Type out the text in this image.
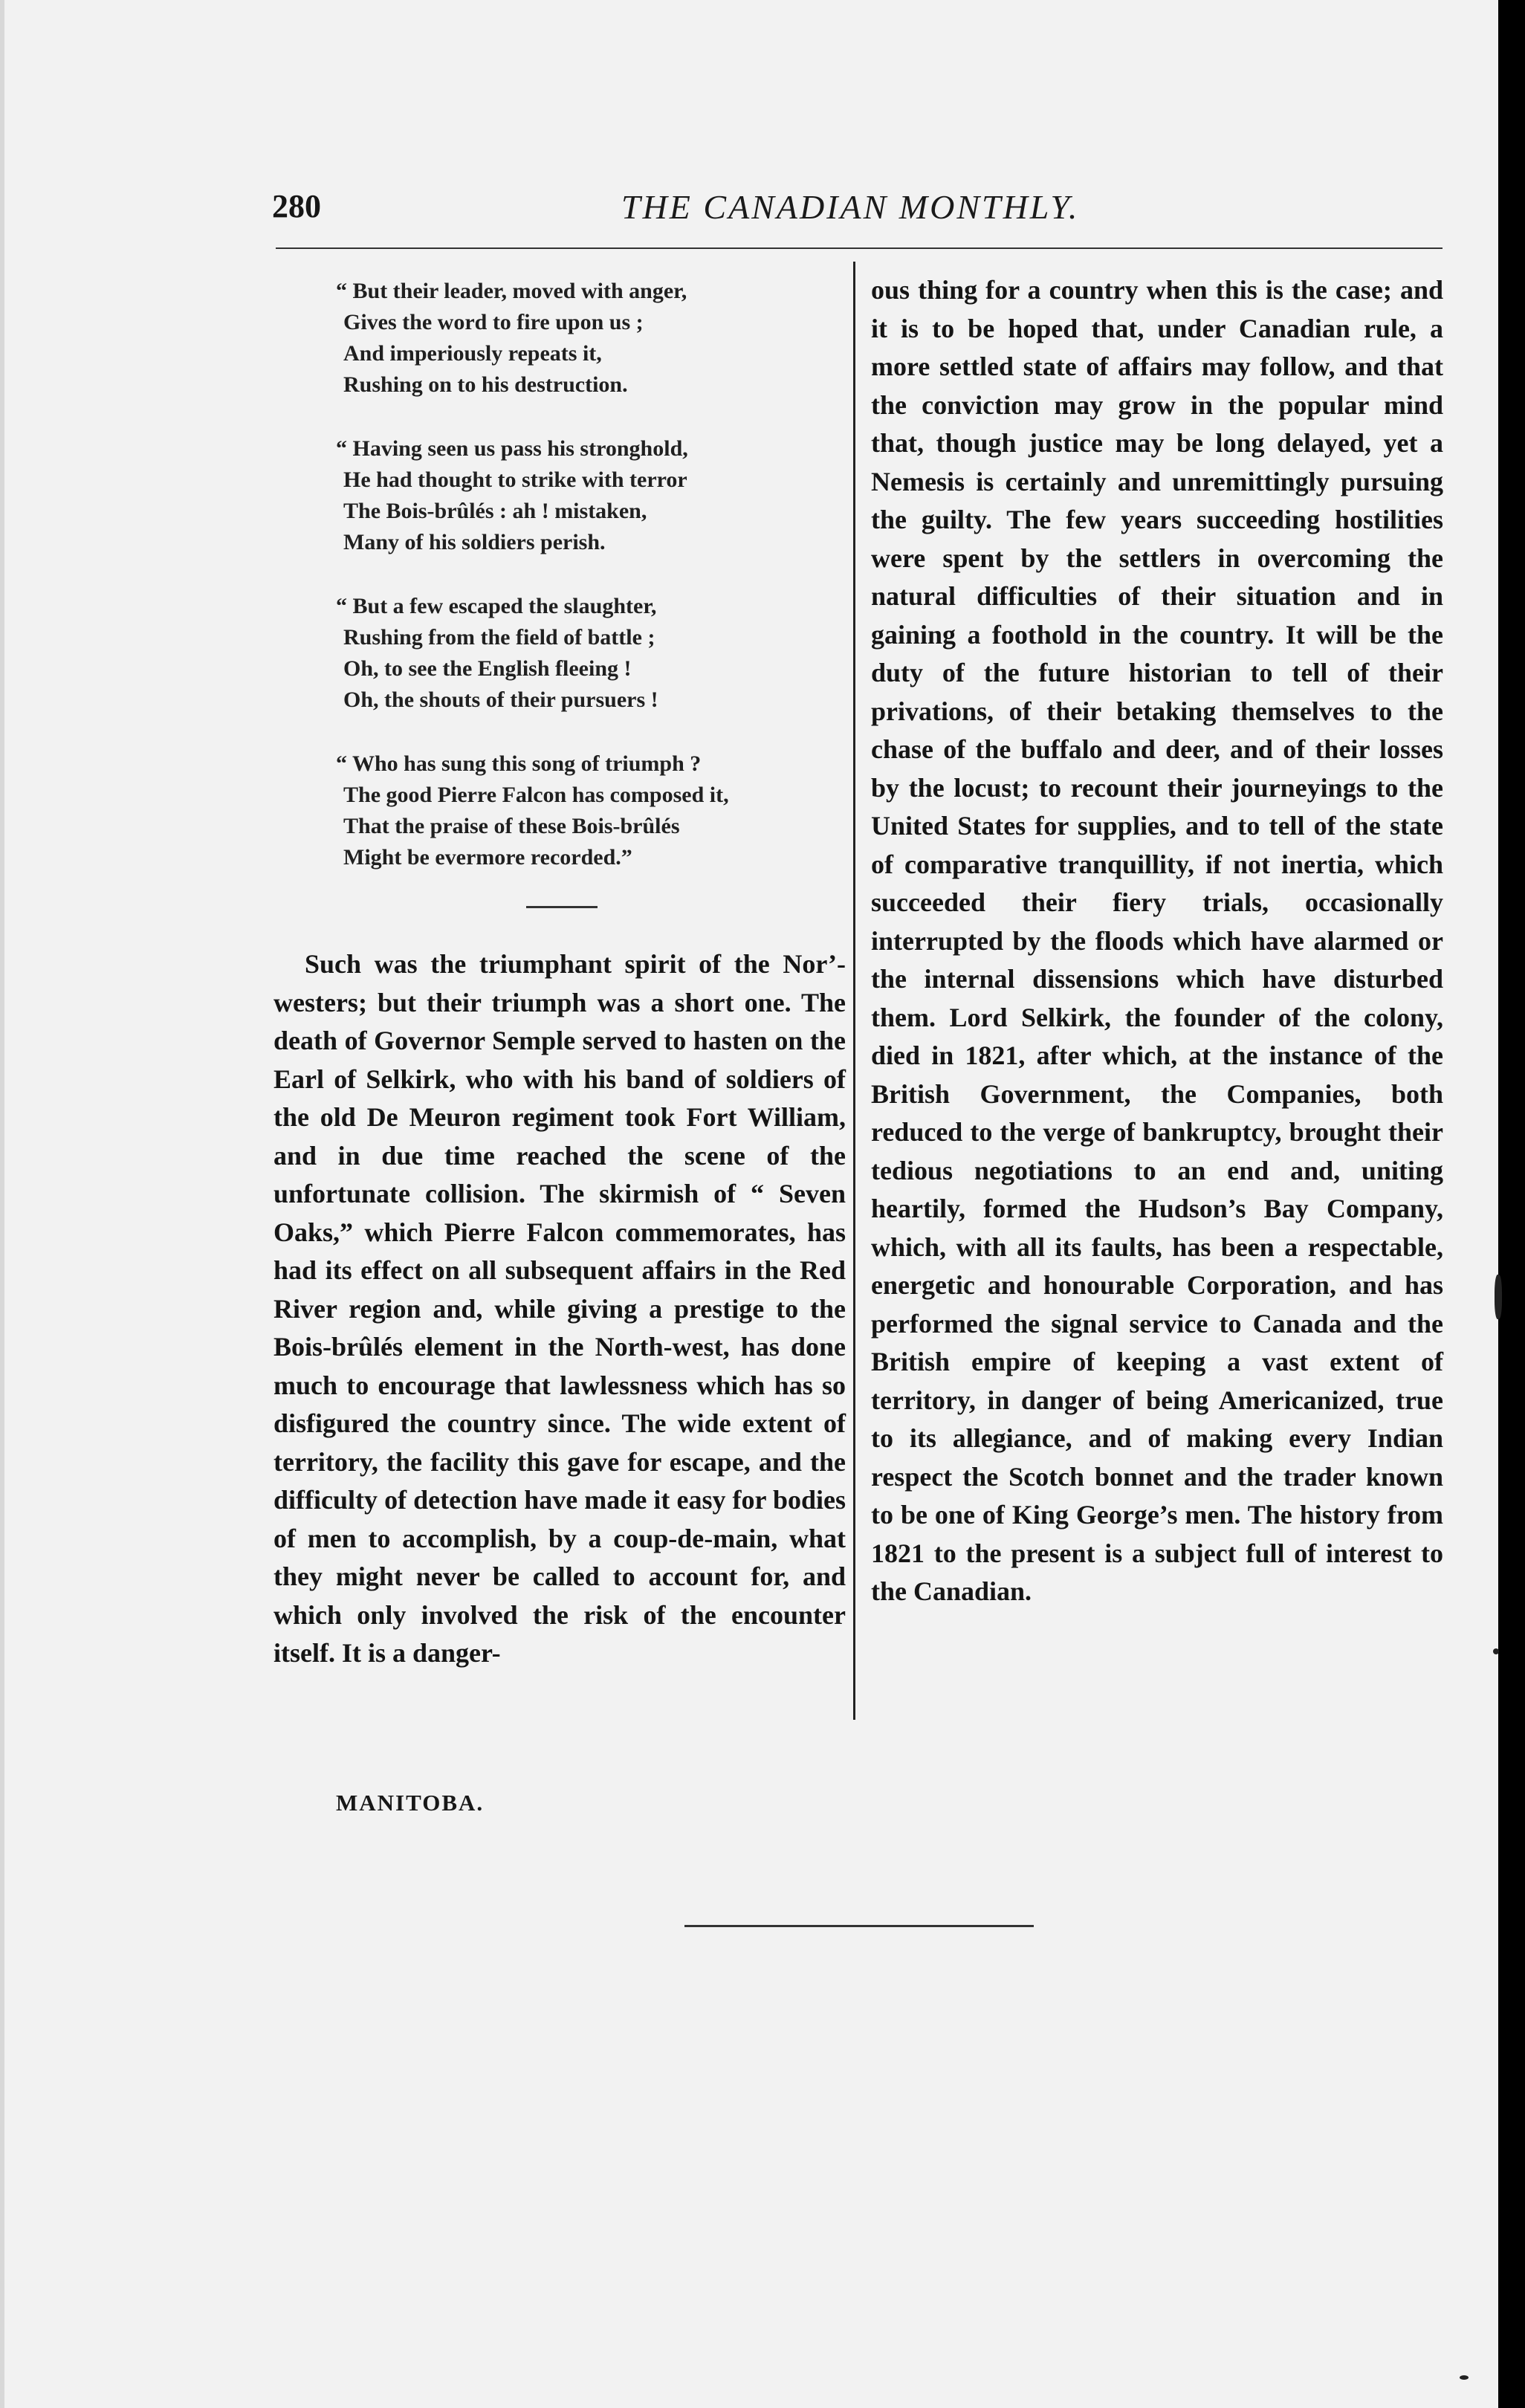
280	THE CANADIAN MONTHLY.
“ But their leader, moved with anger,
Gives the word to fire upon us ;
And imperiously repeats it,
Rushing on to his destruction.
“ Having seen us pass his stronghold,
He had thought to strike with terror
The Bois-brûlés : ah ! mistaken,
Many of his soldiers perish.
“ But a few escaped the slaughter,
Rushing from the field of battle ;
Oh, to see the English fleeing !
Oh, the shouts of their pursuers !
“ Who has sung this song of triumph ?
The good Pierre Falcon has composed it,
That the praise of these Bois-brûlés
Might be evermore recorded.”

Such was the triumphant spirit of the Nor’-westers; but their triumph was a short one. The death of Governor Semple served to hasten on the Earl of Selkirk, who with his band of soldiers of the old De Meuron regiment took Fort William, and in due time reached the scene of the unfortunate collision. The skirmish of “ Seven Oaks,” which Pierre Falcon commemorates, has had its effect on all subsequent affairs in the Red River region and, while giving a prestige to the Bois-brûlés element in the North-west, has done much to encourage that lawlessness which has so disfigured the country since. The wide extent of territory, the facility this gave for escape, and the difficulty of detection have made it easy for bodies of men to accomplish, by a coup-de-main, what they might never be called to account for, and which only involved the risk of the encounter itself. It is a danger-

ous thing for a country when this is the case; and it is to be hoped that, under Canadian rule, a more settled state of affairs may follow, and that the conviction may grow in the popular mind that, though justice may be long delayed, yet a Nemesis is certainly and unremittingly pursuing the guilty. The few years succeeding hostilities were spent by the settlers in overcoming the natural difficulties of their situation and in gaining a foothold in the country. It will be the duty of the future historian to tell of their privations, of their betaking themselves to the chase of the buffalo and deer, and of their losses by the locust; to recount their journeyings to the United States for supplies, and to tell of the state of comparative tranquillity, if not inertia, which succeeded their fiery trials, occasionally interrupted by the floods which have alarmed or the internal dissensions which have disturbed them. Lord Selkirk, the founder of the colony, died in 1821, after which, at the instance of the British Government, the Companies, both reduced to the verge of bankruptcy, brought their tedious negotiations to an end and, uniting heartily, formed the Hudson’s Bay Company, which, with all its faults, has been a respectable, energetic and honourable Corporation, and has performed the signal service to Canada and the British empire of keeping a vast extent of territory, in danger of being Americanized, true to its allegiance, and of making every Indian respect the Scotch bonnet and the trader known to be one of King George’s men. The history from 1821 to the present is a subject full of interest to the Canadian.

MANITOBA.
